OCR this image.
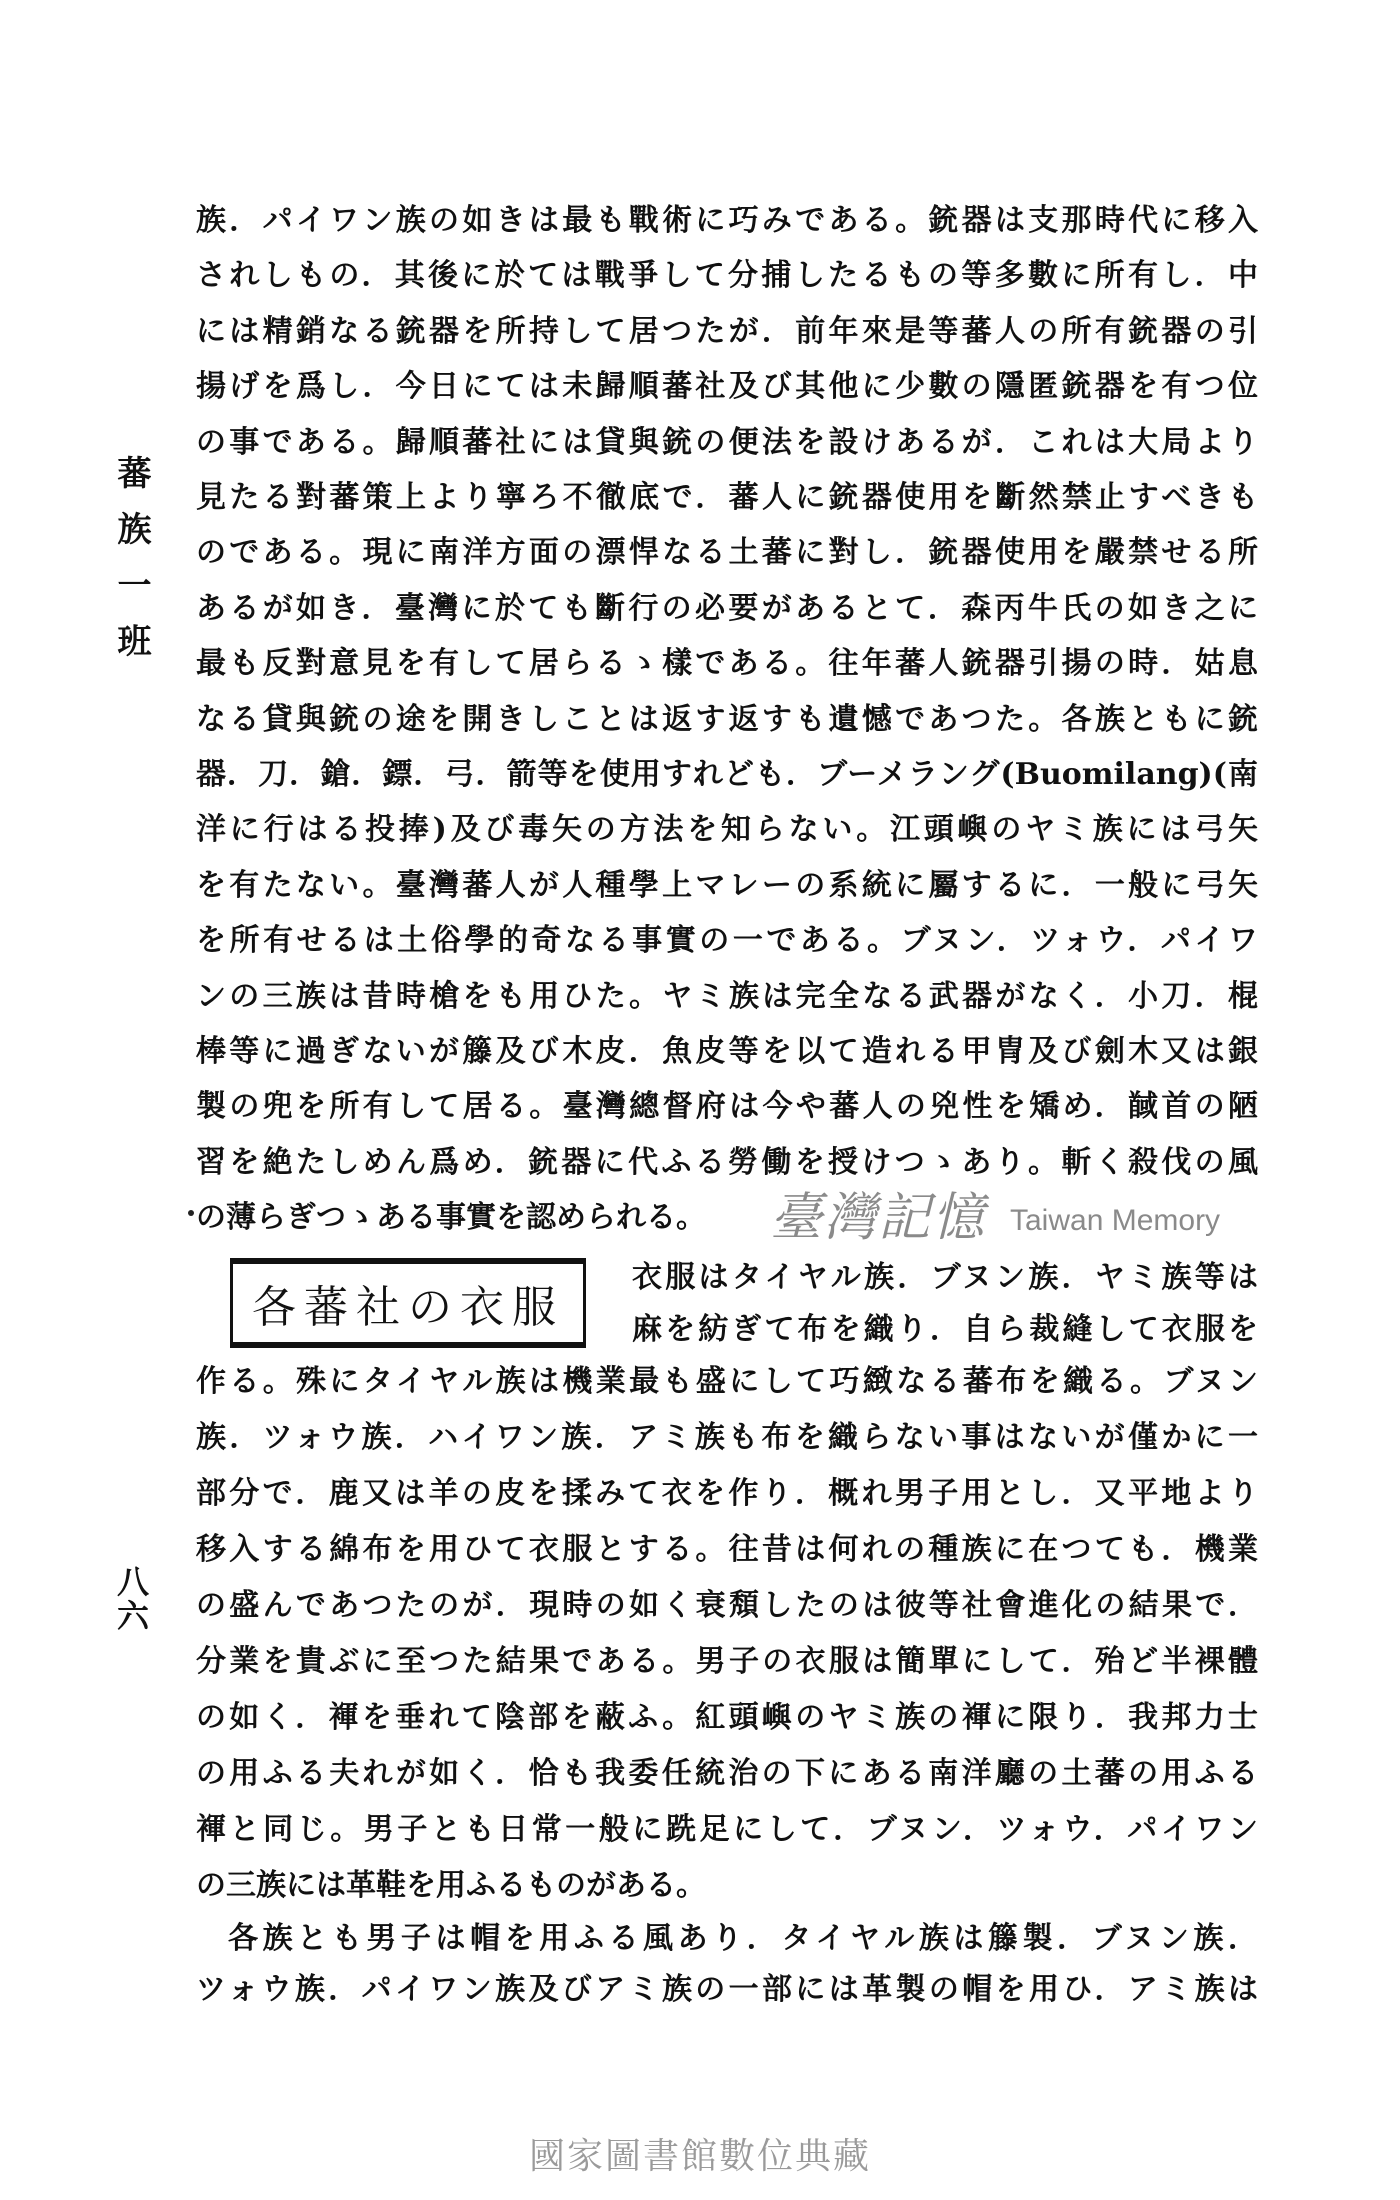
蕃族一班
八六
族．パイワン族の如きは最も戰術に巧みである。銃器は支那時代に移入
されしもの．其後に於ては戰爭して分捕したるもの等多數に所有し．中
には精銷なる銃器を所持して居つたが．前年來是等蕃人の所有銃器の引
揚げを爲し．今日にては未歸順蕃社及び其他に少數の隱匿銃器を有つ位
の事である。歸順蕃社には貸與銃の便法を設けあるが．これは大局より
見たる對蕃策上より寧ろ不徹底で．蕃人に銃器使用を斷然禁止すべきも
のである。現に南洋方面の漂悍なる土蕃に對し．銃器使用を嚴禁せる所
あるが如き．臺灣に於ても斷行の必要があるとて．森丙牛氏の如き之に
最も反對意見を有して居らるゝ樣である。往年蕃人銃器引揚の時．姑息
なる貸與銃の途を開きしことは返す返すも遺憾であつた。各族ともに銃
器．刀．鎗．鏢．弓．箭等を使用すれども．ブーメラング(Buomilang)(南
洋に行はる投捧)及び毒矢の方法を知らない。江頭嶼のヤミ族には弓矢
を有たない。臺灣蕃人が人種學上マレーの系統に屬するに．一般に弓矢
を所有せるは土俗學的奇なる事實の一である。ブヌン．ツォウ．パイワ
ンの三族は昔時槍をも用ひた。ヤミ族は完全なる武器がなく．小刀．棍
棒等に過ぎないが籐及び木皮．魚皮等を以て造れる甲冑及び劍木又は銀
製の兜を所有して居る。臺灣總督府は今や蕃人の兇性を矯め．馘首の陋
習を絶たしめん爲め．銃器に代ふる勞働を授けつゝあり。斬く殺伐の風
の薄らぎつゝある事實を認められる。
衣服はタイヤル族．ブヌン族．ヤミ族等は
麻を紡ぎて布を織り．自ら裁縫して衣服を
作る。殊にタイヤル族は機業最も盛にして巧緻なる蕃布を織る。ブヌン
族．ツォウ族．ハイワン族．アミ族も布を織らない事はないが僅かに一
部分で．鹿又は羊の皮を揉みて衣を作り．概れ男子用とし．又平地より
移入する綿布を用ひて衣服とする。往昔は何れの種族に在つても．機業
の盛んであつたのが．現時の如く衰頽したのは彼等社會進化の結果で．
分業を貴ぶに至つた結果である。男子の衣服は簡單にして．殆ど半裸體
の如く．褌を垂れて陰部を蔽ふ。紅頭嶼のヤミ族の褌に限り．我邦力士
の用ふる夫れが如く．恰も我委任統治の下にある南洋廳の土蕃の用ふる
褌と同じ。男子とも日常一般に跣足にして．ブヌン．ツォウ．パイワン
の三族には革鞋を用ふるものがある。
各族とも男子は帽を用ふる風あり．タイヤル族は籐製．ブヌン族．
ツォウ族．パイワン族及びアミ族の一部には革製の帽を用ひ．アミ族は
各蕃社の衣服
臺灣記憶 Taiwan Memory
國家圖書館數位典藏
